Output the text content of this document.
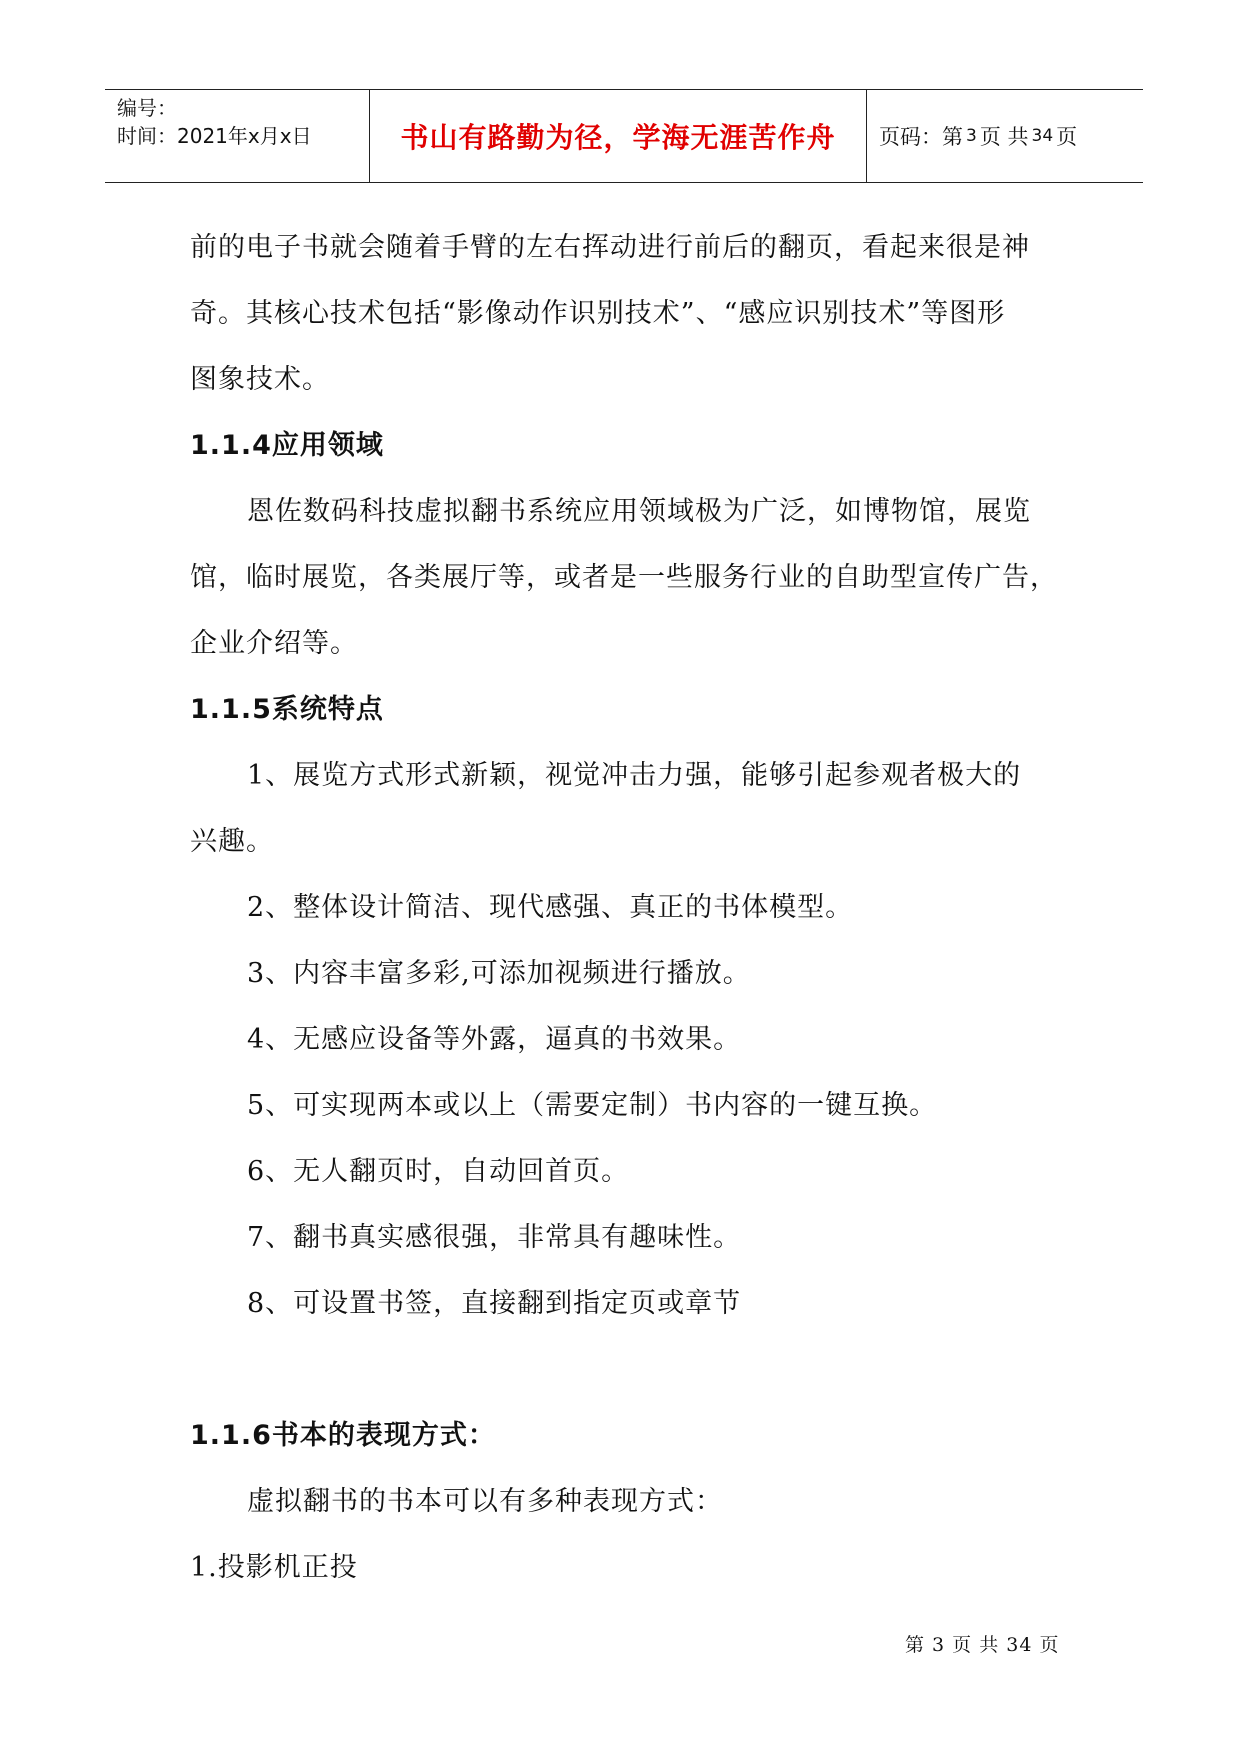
编号：
时间：2021年x月x日	书山有路勤为径，学海无涯苦作舟 页码：第 3 页 共 34 页
前的电子书就会随着手臂的左右挥动进行前后的翻页，看起来很是神
奇。其核心技术包括“影像动作识别技术”、“感应识别技术”等图形
图象技术。
1.1.4应用领域
恩佐数码科技虚拟翻书系统应用领域极为广泛，如博物馆，展览
馆，临时展览，各类展厅等，或者是一些服务行业的自助型宣传广告，
企业介绍等。
1.1.5系统特点
1、展览方式形式新颖，视觉冲击力强，能够引起参观者极大的
兴趣。
2、整体设计简洁、现代感强、真正的书体模型。
3、内容丰富多彩,可添加视频进行播放。
4、无感应设备等外露，逼真的书效果。
5、可实现两本或以上（需要定制）书内容的一键互换。
6、无人翻页时，自动回首页。
7、翻书真实感很强，非常具有趣味性。
8、可设置书签，直接翻到指定页或章节
1.1.6书本的表现方式：
虚拟翻书的书本可以有多种表现方式：
1.投影机正投
第 3 页 共 34 页
